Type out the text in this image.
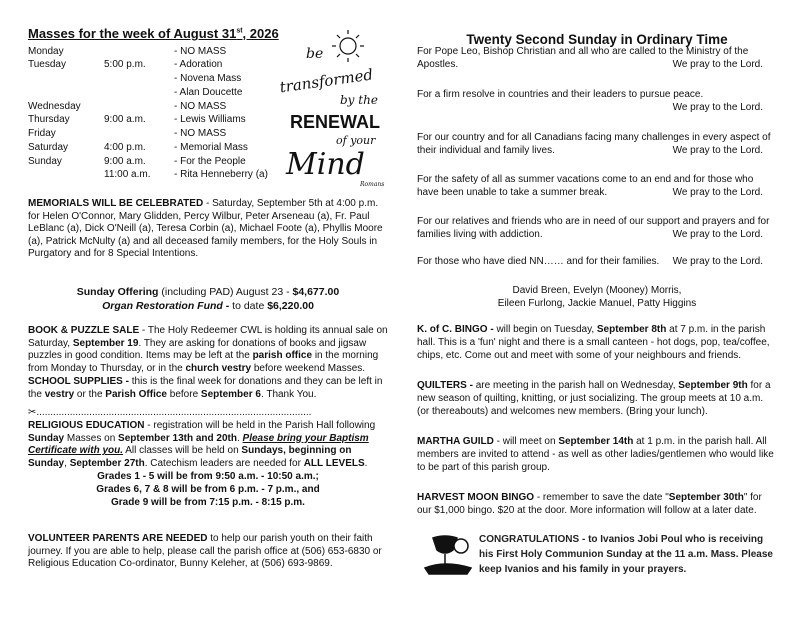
Masses for the week of August 31st, 2026
Monday	- NO MASS
Tuesday	5:00 p.m.	- Adoration
- Novena Mass
- Alan Doucette
Wednesday	- NO MASS
Thursday	9:00 a.m.	- Lewis Williams
Friday	- NO MASS
Saturday	4:00 p.m.	- Memorial Mass
Sunday	9:00 a.m.	- For the People
11:00 a.m. - Rita Henneberry (a)
be
transformed
by the
RENEWAL
of your
Mind
Romans
MEMORIALS WILL BE CELEBRATED - Saturday, September 5th at 4:00 p.m. for Helen O'Connor, Mary Glidden, Percy Wilbur, Peter Arseneau (a), Fr. Paul LeBlanc (a), Dick O'Neill (a), Teresa Corbin (a), Michael Foote (a), Phyllis Moore (a), Patrick McNulty (a) and all deceased family members, for the Holy Souls in Purgatory and for 8 Special Intentions.
Sunday Offering (including PAD) August 23 - $4,677.00
Organ Restoration Fund - to date $6,220.00
BOOK & PUZZLE SALE - The Holy Redeemer CWL is holding its annual sale on Saturday, September 19. They are asking for donations of books and jigsaw puzzles in good condition. Items may be left at the parish office in the morning from Monday to Thursday, or in the church vestry before weekend Masses.
SCHOOL SUPPLIES - this is the final week for donations and they can be left in the vestry or the Parish Office before September 6. Thank You.
✂...................................................................................................
RELIGIOUS EDUCATION - registration will be held in the Parish Hall following Sunday Masses on September 13th and 20th. Please bring your Baptism Certificate with you. All classes will be held on Sundays, beginning on Sunday, September 27th. Catechism leaders are needed for ALL LEVELS.
Grades 1 - 5 will be from 9:50 a.m. - 10:50 a.m.;
Grades 6, 7 & 8 will be from 6 p.m. - 7 p.m., and
Grade 9 will be from 7:15 p.m. - 8:15 p.m.
VOLUNTEER PARENTS ARE NEEDED to help our parish youth on their faith journey. If you are able to help, please call the parish office at (506) 653-6830 or Religious Education Co-ordinator, Bunny Keleher, at (506) 693-9869.
Twenty Second Sunday in Ordinary Time
For Pope Leo, Bishop Christian and all who are called to the Ministry of the Apostles.	We pray to the Lord.
For a firm resolve in countries and their leaders to pursue peace.
We pray to the Lord.
For our country and for all Canadians facing many challenges in every aspect of their individual and family lives.	We pray to the Lord.
For the safety of all as summer vacations come to an end and for those who have been unable to take a summer break.	We pray to the Lord.
For our relatives and friends who are in need of our support and prayers and for families living with addiction.	We pray to the Lord.
For those who have died NN…… and for their families. We pray to the Lord.
David Breen, Evelyn (Mooney) Morris,
Eileen Furlong, Jackie Manuel, Patty Higgins
K. of C. BINGO - will begin on Tuesday, September 8th at 7 p.m. in the parish hall. This is a 'fun' night and there is a small canteen - hot dogs, pop, tea/coffee, chips, etc. Come out and meet with some of your neighbours and friends.
QUILTERS - are meeting in the parish hall on Wednesday, September 9th for a new season of quilting, knitting, or just socializing. The group meets at 10 a.m. (or thereabouts) and welcomes new members. (Bring your lunch).
MARTHA GUILD - will meet on September 14th at 1 p.m. in the parish hall. All members are invited to attend - as well as other ladies/gentlemen who would like to be part of this parish group.
HARVEST MOON BINGO - remember to save the date "September 30th" for our $1,000 bingo. $20 at the door. More information will follow at a later date.
CONGRATULATIONS - to Ivanios Jobi Poul who is receiving his First Holy Communion Sunday at the 11 a.m. Mass. Please keep Ivanios and his family in your prayers.
